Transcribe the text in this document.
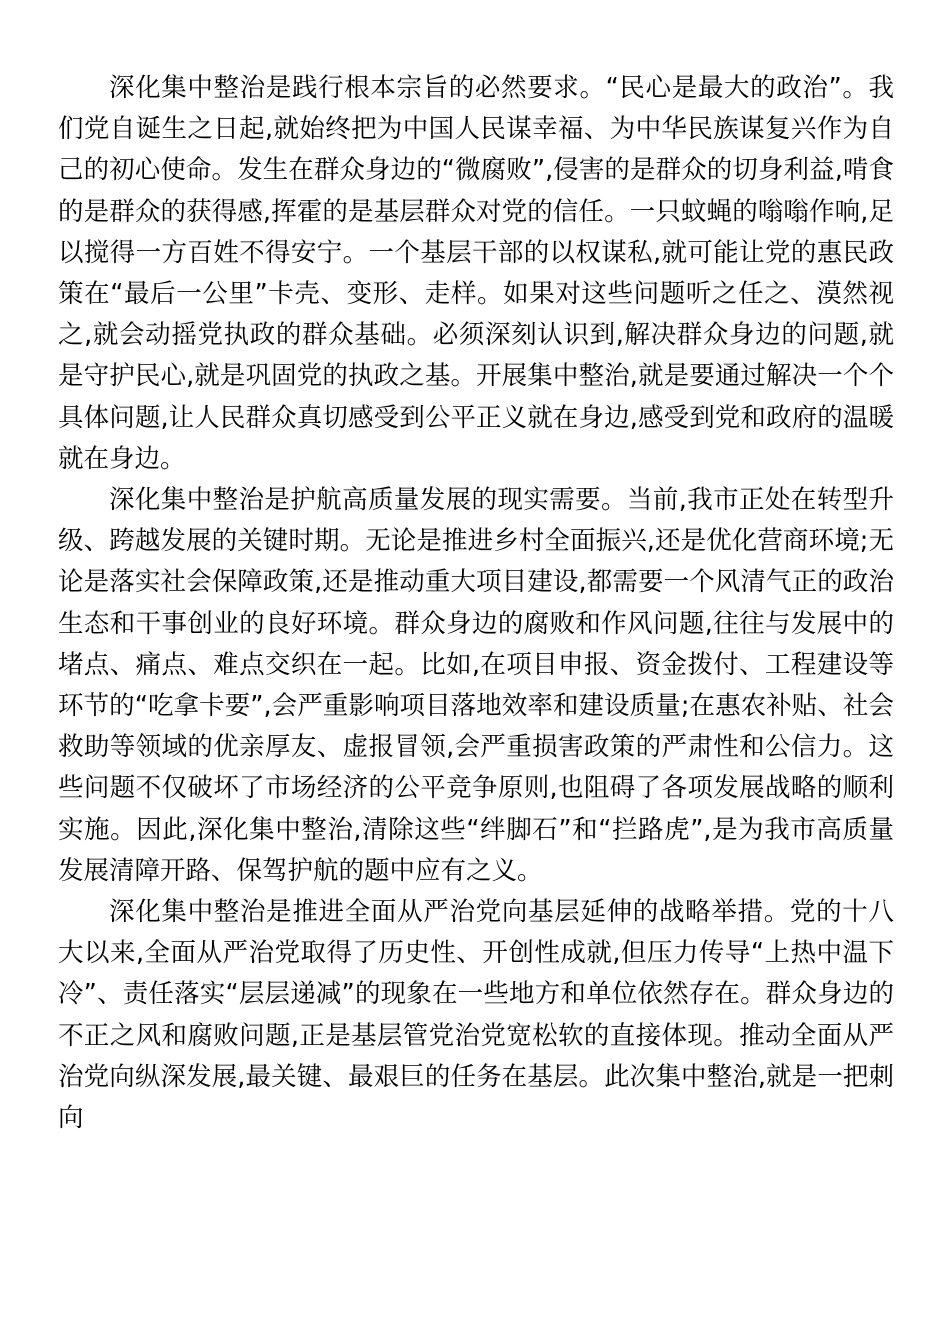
深化集中整治是践行根本宗旨的必然要求。“民心是最大的政治”。我们党自诞生之日起,就始终把为中国人民谋幸福、为中华民族谋复兴作为自己的初心使命。发生在群众身边的“微腐败”,侵害的是群众的切身利益,啃食的是群众的获得感,挥霍的是基层群众对党的信任。一只蚊蝇的嗡嗡作响,足以搅得一方百姓不得安宁。一个基层干部的以权谋私,就可能让党的惠民政策在“最后一公里”卡壳、变形、走样。如果对这些问题听之任之、漠然视之,就会动摇党执政的群众基础。必须深刻认识到,解决群众身边的问题,就是守护民心,就是巩固党的执政之基。开展集中整治,就是要通过解决一个个具体问题,让人民群众真切感受到公平正义就在身边,感受到党和政府的温暖就在身边。

深化集中整治是护航高质量发展的现实需要。当前,我市正处在转型升级、跨越发展的关键时期。无论是推进乡村全面振兴,还是优化营商环境;无论是落实社会保障政策,还是推动重大项目建设,都需要一个风清气正的政治生态和干事创业的良好环境。群众身边的腐败和作风问题,往往与发展中的堵点、痛点、难点交织在一起。比如,在项目申报、资金拨付、工程建设等环节的“吃拿卡要”,会严重影响项目落地效率和建设质量;在惠农补贴、社会救助等领域的优亲厚友、虚报冒领,会严重损害政策的严肃性和公信力。这些问题不仅破坏了市场经济的公平竞争原则,也阻碍了各项发展战略的顺利实施。因此,深化集中整治,清除这些“绊脚石”和“拦路虎”,是为我市高质量发展清障开路、保驾护航的题中应有之义。

深化集中整治是推进全面从严治党向基层延伸的战略举措。党的十八大以来,全面从严治党取得了历史性、开创性成就,但压力传导“上热中温下冷”、责任落实“层层递减”的现象在一些地方和单位依然存在。群众身边的不正之风和腐败问题,正是基层管党治党宽松软的直接体现。推动全面从严治党向纵深发展,最关键、最艰巨的任务在基层。此次集中整治,就是一把刺向
